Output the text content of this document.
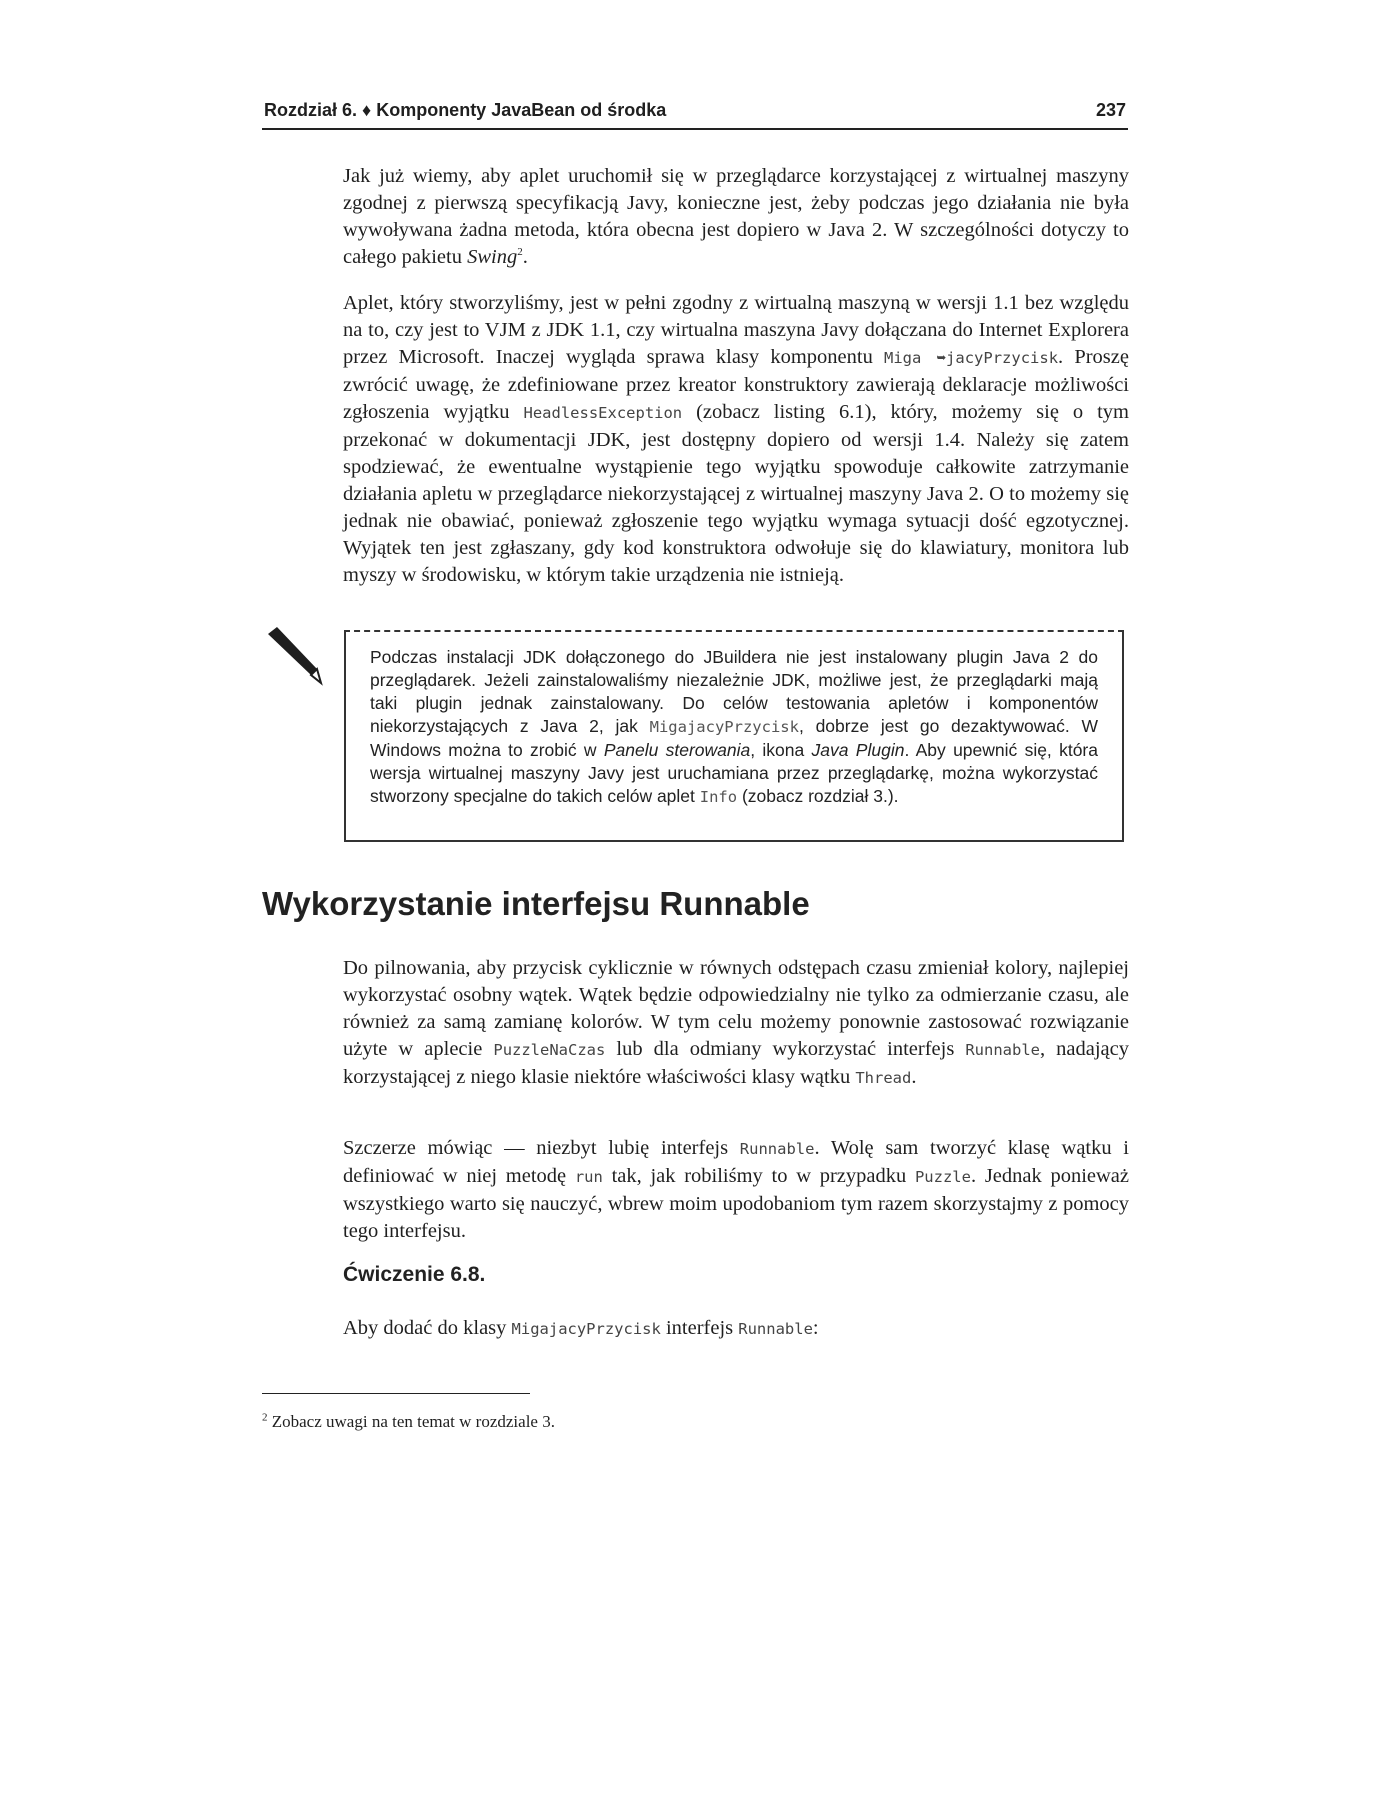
Rozdział 6. ♦ Komponenty JavaBean od środka	237

Jak już wiemy, aby aplet uruchomił się w przeglądarce korzystającej z wirtualnej maszyny zgodnej z pierwszą specyfikacją Javy, konieczne jest, żeby podczas jego działania nie była wywoływana żadna metoda, która obecna jest dopiero w Java 2. W szczególności dotyczy to całego pakietu Swing$^2$.

Aplet, który stworzyliśmy, jest w pełni zgodny z wirtualną maszyną w wersji 1.1 bez względu na to, czy jest to VJM z JDK 1.1, czy wirtualna maszyna Javy dołączana do Internet Explorera przez Microsoft. Inaczej wygląda sprawa klasy komponentu Miga ➥jacyPrzycisk. Proszę zwrócić uwagę, że zdefiniowane przez kreator konstruktory zawierają deklaracje możliwości zgłoszenia wyjątku HeadlessException (zobacz listing 6.1), który, możemy się o tym przekonać w dokumentacji JDK, jest dostępny dopiero od wersji 1.4. Należy się zatem spodziewać, że ewentualne wystąpienie tego wyjątku spowoduje całkowite zatrzymanie działania apletu w przeglądarce niekorzystającej z wirtualnej maszyny Java 2. O to możemy się jednak nie obawiać, ponieważ zgłoszenie tego wyjątku wymaga sytuacji dość egzotycznej. Wyjątek ten jest zgłaszany, gdy kod konstruktora odwołuje się do klawiatury, monitora lub myszy w środowisku, w którym takie urządzenia nie istnieją.

Podczas instalacji JDK dołączonego do JBuildera nie jest instalowany plugin Java 2 do przeglądarek. Jeżeli zainstalowaliśmy niezależnie JDK, możliwe jest, że przeglądarki mają taki plugin jednak zainstalowany. Do celów testowania apletów i komponentów niekorzystających z Java 2, jak MigajacyPrzycisk, dobrze jest go dezaktywować. W Windows można to zrobić w Panelu sterowania, ikona Java Plugin. Aby upewnić się, która wersja wirtualnej maszyny Javy jest uruchamiana przez przeglądarkę, można wykorzystać stworzony specjalne do takich celów aplet Info (zobacz rozdział 3.).

Wykorzystanie interfejsu Runnable

Do pilnowania, aby przycisk cyklicznie w równych odstępach czasu zmieniał kolory, najlepiej wykorzystać osobny wątek. Wątek będzie odpowiedzialny nie tylko za odmierzanie czasu, ale również za samą zamianę kolorów. W tym celu możemy ponownie zastosować rozwiązanie użyte w aplecie PuzzleNaCzas lub dla odmiany wykorzystać interfejs Runnable, nadający korzystającej z niego klasie niektóre właściwości klasy wątku Thread.

Szczerze mówiąc — niezbyt lubię interfejs Runnable. Wolę sam tworzyć klasę wątku i definiować w niej metodę run tak, jak robiliśmy to w przypadku Puzzle. Jednak ponieważ wszystkiego warto się nauczyć, wbrew moim upodobaniom tym razem skorzystajmy z pomocy tego interfejsu.

Ćwiczenie 6.8.

Aby dodać do klasy MigajacyPrzycisk interfejs Runnable:

$^2$ Zobacz uwagi na ten temat w rozdziale 3.
